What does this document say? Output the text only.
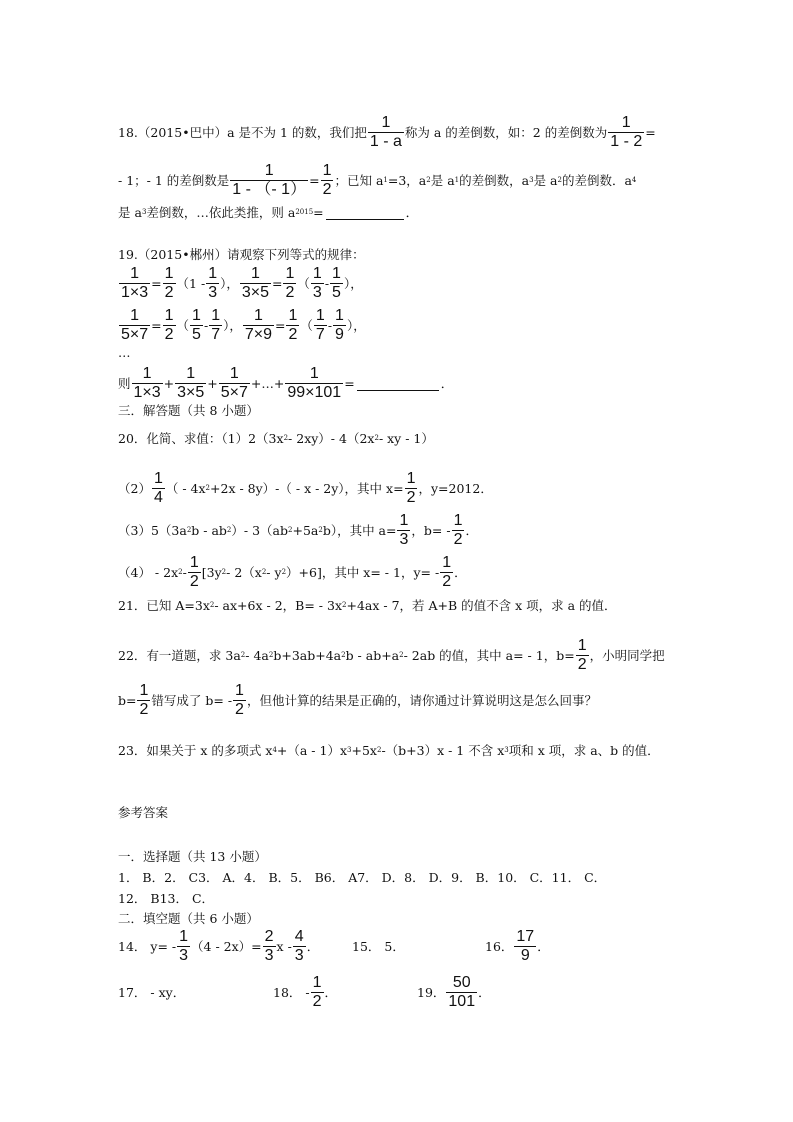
18.（2015•巴中）a 是不为 1 的数，我们把 $\frac{1}{1 - a}$ 称为 a 的差倒数，如：2 的差倒数为 $\frac{1}{1 - 2}$ =
- 1；- 1 的差倒数是 $\frac{1}{1 - (- 1)} = \frac{1}{2}$ ；已知 a 1 =3，a 2 是 a 1 的差倒数，a 3 是 a 2 的差倒数．a 4
是 a 3 差倒数，…依此类推，则 a 2015 =	．
19.（2015•郴州）请观察下列等式的规律：
$\frac{1}{1\times 3} = \frac{1}{2} (1 - \frac{1}{3}$ ）， $\frac{1}{3\times 5} = \frac{1}{2}$ （ $\frac{1}{3} - \frac{1}{5}$ ），
$\frac{1}{5\times 7} = \frac{1}{2}$ （ $\frac{1}{5} - \frac{1}{7}$ ）， $\frac{1}{7\times 9} = \frac{1}{2}$ （ $\frac{1}{7} - \frac{1}{9}$ ），
…
则 $\frac{1}{1\times 3} + \frac{1}{3\times 5} + \frac{1}{5\times 7}$ +…+ $\frac{1}{99\times 101}$ =	．
三．解答题（共 8 小题）
20．化简、求值：（1）2（3x 2 - 2xy）- 4（2x 2 - xy - 1）
$(2) \frac{1}{4}$ （ - 4x 2 +2x - 8y）-（ - x - 2y），其中 $x= \frac{1}{2}$ ，y=2012．
（3）5（3a 2 b - ab 2 ）- 3（ab 2 +5a 2 b），其中 $a= \frac{1}{3}$ ，$b= - \frac{1}{2}$ ．
（4） - 2x $2 - \frac{1}{2} [3y$ 2 - 2（x 2 - y 2 ）+6]，其中 x= - 1，$y= - \frac{1}{2}$ ．
21．已知 A=3x 2 - ax+6x - 2，B= - 3x 2 +4ax - 7，若 A+B 的值不含 x 项，求 a 的值．
22．有一道题，求 3a 2 - 4a 2 b+3ab+4a 2 b - ab+a 2 - 2ab 的值，其中 a= - 1，$b= \frac{1}{2}$ ，小明同学把
$b= \frac{1}{2}$ 错写成了 $b= - \frac{1}{2}$ ，但他计算的结果是正确的，请你通过计算说明这是怎么回事？
23．如果关于 x 的多项式 x 4 +（a - 1）x 3 +5x 2 -（b+3）x - 1 不含 x 3 项和 x 项，求 a、b 的值．
参考答案
一．选择题（共 13 小题）
1． B．2． C3． A．4． B．5． B6． A7． D．8． D．9． B．10． C．11． C．
12． B13． C．
二．填空题（共 6 小题）
14． $y= - \frac{1}{3} (4 - 2x)= \frac{2}{3}$ x - $\frac{4}{3}$ ．	15． 5．	16． $\frac{17}{9}$ ．
17． - xy．	18． - $\frac{1}{2}$ ．	19． $\frac{50}{101}$ ．
